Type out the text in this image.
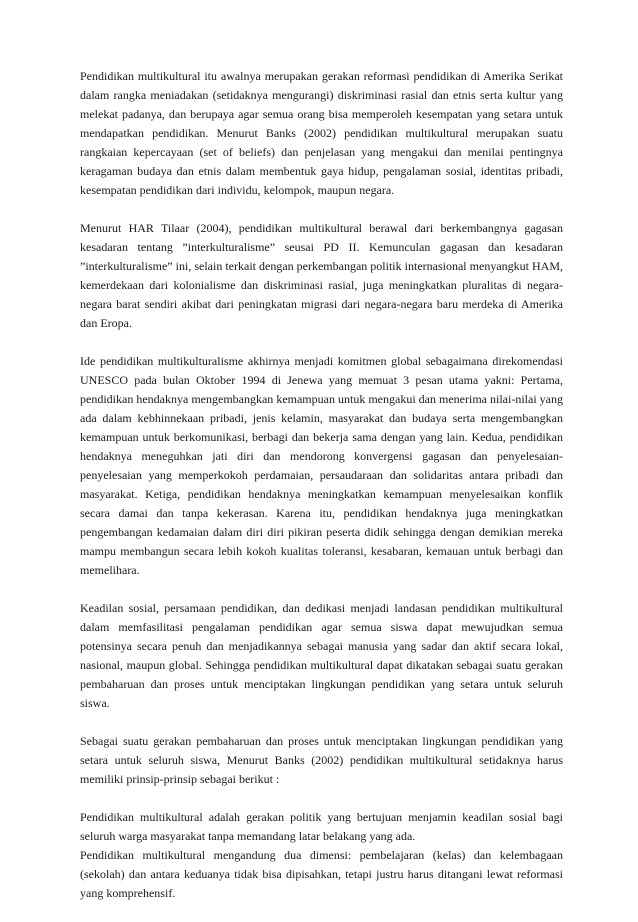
Pendidikan multikultural itu awalnya merupakan gerakan reformasi pendidikan di Amerika Serikat dalam rangka meniadakan (setidaknya mengurangi) diskriminasi rasial dan etnis serta kultur yang melekat padanya, dan berupaya agar semua orang bisa memperoleh kesempatan yang setara untuk mendapatkan pendidikan. Menurut Banks (2002) pendidikan multikultural merupakan suatu rangkaian kepercayaan (set of beliefs) dan penjelasan yang mengakui dan menilai pentingnya keragaman budaya dan etnis dalam membentuk gaya hidup, pengalaman sosial, identitas pribadi, kesempatan pendidikan dari individu, kelompok, maupun negara.

Menurut HAR Tilaar (2004), pendidikan multikultural berawal dari berkembangnya gagasan kesadaran tentang ”interkulturalisme” seusai PD II. Kemunculan gagasan dan kesadaran ”interkulturalisme” ini, selain terkait dengan perkembangan politik internasional menyangkut HAM, kemerdekaan dari kolonialisme dan diskriminasi rasial, juga meningkatkan pluralitas di negara-negara barat sendiri akibat dari peningkatan migrasi dari negara-negara baru merdeka di Amerika dan Eropa.

Ide pendidikan multikulturalisme akhirnya menjadi komitmen global sebagaimana direkomendasi UNESCO pada bulan Oktober 1994 di Jenewa yang memuat 3 pesan utama yakni: Pertama, pendidikan hendaknya mengembangkan kemampuan untuk mengakui dan menerima nilai-nilai yang ada dalam kebhinnekaan pribadi, jenis kelamin, masyarakat dan budaya serta mengembangkan kemampuan untuk berkomunikasi, berbagi dan bekerja sama dengan yang lain. Kedua, pendidikan hendaknya meneguhkan jati diri dan mendorong konvergensi gagasan dan penyelesaian-penyelesaian yang memperkokoh perdamaian, persaudaraan dan solidaritas antara pribadi dan masyarakat. Ketiga, pendidikan hendaknya meningkatkan kemampuan menyelesaikan konflik secara damai dan tanpa kekerasan. Karena itu, pendidikan hendaknya juga meningkatkan pengembangan kedamaian dalam diri diri pikiran peserta didik sehingga dengan demikian mereka mampu membangun secara lebih kokoh kualitas toleransi, kesabaran, kemauan untuk berbagi dan memelihara.

Keadilan sosial, persamaan pendidikan, dan dedikasi menjadi landasan pendidikan multikultural dalam memfasilitasi pengalaman pendidikan agar semua siswa dapat mewujudkan semua potensinya secara penuh dan menjadikannya sebagai manusia yang sadar dan aktif secara lokal, nasional, maupun global. Sehingga pendidikan multikultural dapat dikatakan sebagai suatu gerakan pembaharuan dan proses untuk menciptakan lingkungan pendidikan yang setara untuk seluruh siswa.

Sebagai suatu gerakan pembaharuan dan proses untuk menciptakan lingkungan pendidikan yang setara untuk seluruh siswa, Menurut Banks (2002) pendidikan multikultural setidaknya harus memiliki prinsip-prinsip sebagai berikut :

Pendidikan multikultural adalah gerakan politik yang bertujuan menjamin keadilan sosial bagi seluruh warga masyarakat tanpa memandang latar belakang yang ada.

Pendidikan multikultural mengandung dua dimensi: pembelajaran (kelas) dan kelembagaan (sekolah) dan antara keduanya tidak bisa dipisahkan, tetapi justru harus ditangani lewat reformasi yang komprehensif.
